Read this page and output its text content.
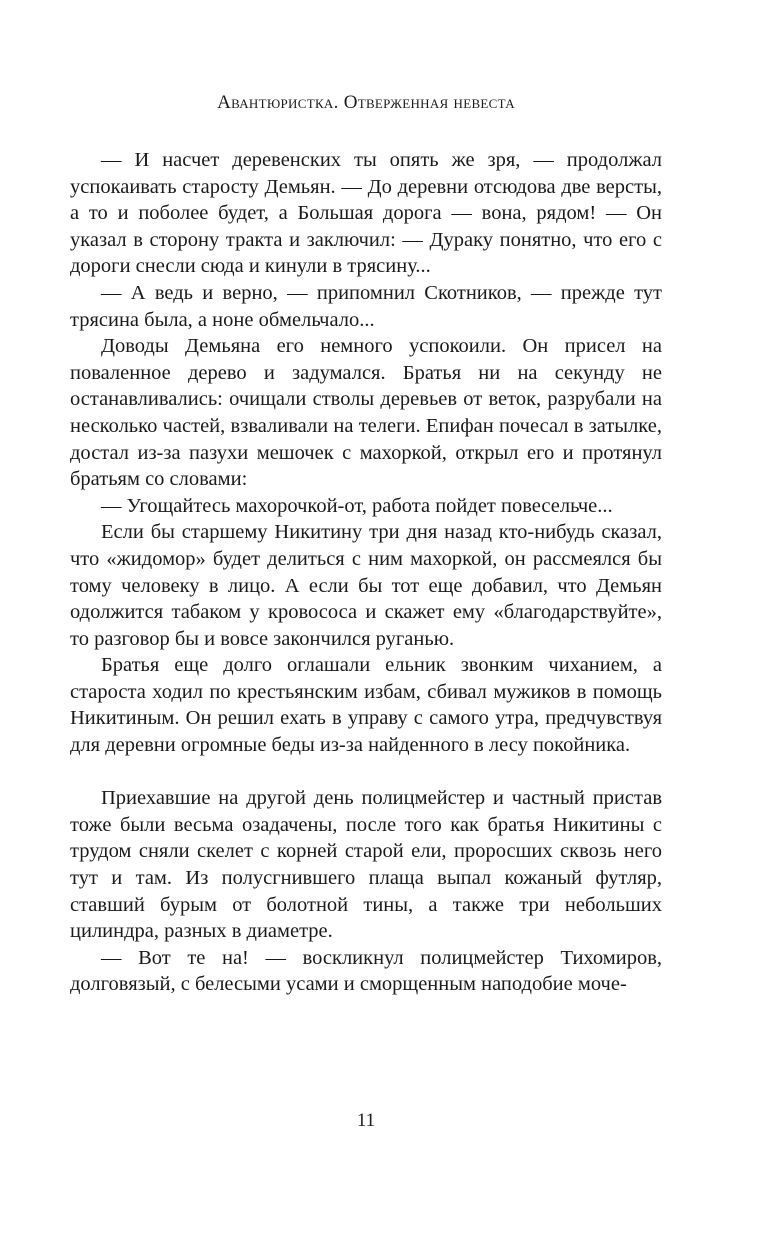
Авантюристка. Отверженная невеста

— И насчет деревенских ты опять же зря, — продолжал успокаивать старосту Демьян. — До деревни отсюдова две версты, а то и поболее будет, а Большая дорога — вона, рядом! — Он указал в сторону тракта и заключил: — Дураку понятно, что его с дороги снесли сюда и кинули в трясину...

— А ведь и верно, — припомнил Скотников, — прежде тут трясина была, а ноне обмельчало...

Доводы Демьяна его немного успокоили. Он присел на поваленное дерево и задумался. Братья ни на секунду не останавливались: очищали стволы деревьев от веток, разрубали на несколько частей, взваливали на телеги. Епифан почесал в затылке, достал из-за пазухи мешочек с махоркой, открыл его и протянул братьям со словами:

— Угощайтесь махорочкой-от, работа пойдет повесельче...

Если бы старшему Никитину три дня назад кто-нибудь сказал, что «жидомор» будет делиться с ним махоркой, он рассмеялся бы тому человеку в лицо. А если бы тот еще добавил, что Демьян одолжится табаком у кровососа и скажет ему «благодарствуйте», то разговор бы и вовсе закончился руганью.

Братья еще долго оглашали ельник звонким чиханием, а староста ходил по крестьянским избам, сбивал мужиков в помощь Никитиным. Он решил ехать в управу с самого утра, предчувствуя для деревни огромные беды из-за найденного в лесу покойника.

Приехавшие на другой день полицмейстер и частный пристав тоже были весьма озадачены, после того как братья Никитины с трудом сняли скелет с корней старой ели, проросших сквозь него тут и там. Из полусгнившего плаща выпал кожаный футляр, ставший бурым от болотной тины, а также три небольших цилиндра, разных в диаметре.

— Вот те на! — воскликнул полицмейстер Тихомиров, долговязый, с белесыми усами и сморщенным наподобие моче-

11
